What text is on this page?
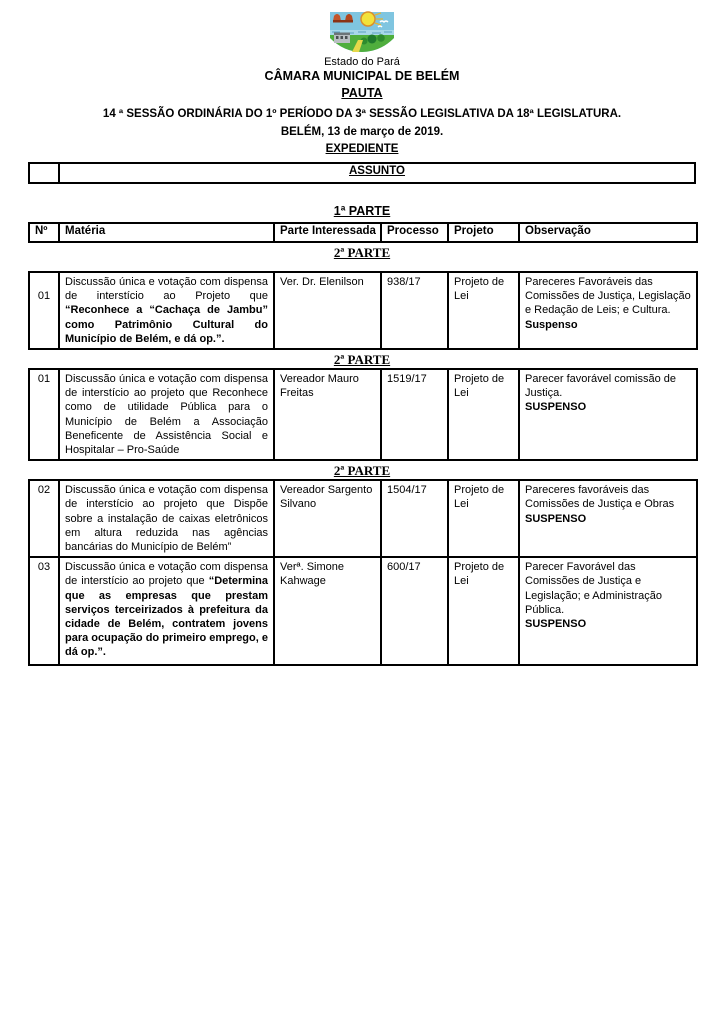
Estado do Pará
CÂMARA MUNICIPAL DE BELÉM
PAUTA
14 ª SESSÃO ORDINÁRIA DO 1º PERÍODO DA 3ª SESSÃO LEGISLATIVA DA 18ª LEGISLATURA.
BELÉM, 13 de março de 2019.
EXPEDIENTE
	ASSUNTO
1ª PARTE
Nº	Matéria	Parte Interessada	Processo	Projeto	Observação
2ª PARTE
01
	Discussão única e votação com dispensa de interstício ao Projeto que “Reconhece a “Cachaça de Jambu” como Patrimônio Cultural do Município de Belém, e dá op.”.	Ver. Dr. Elenilson	938/17	Projeto de Lei	Pareceres Favoráveis das Comissões de Justiça, Legislação e Redação de Leis; e Cultura.
Suspenso
2ª PARTE
01	Discussão única e votação com dispensa de interstício ao projeto que Reconhece como de utilidade Pública para o Município de Belém a Associação Beneficente de Assistência Social e Hospitalar – Pro-Saúde	Vereador Mauro Freitas	1519/17	Projeto de Lei	Parecer favorável comissão de Justiça.
SUSPENSO
2ª PARTE
02	Discussão única e votação com dispensa de interstício ao projeto que Dispõe sobre a instalação de caixas eletrônicos em altura reduzida nas agências bancárias do Município de Belém”	Vereador Sargento Silvano	1504/17	Projeto de Lei	Pareceres favoráveis das Comissões de Justiça e Obras
SUSPENSO

03	Discussão única e votação com dispensa de interstício ao projeto que “Determina que as empresas que prestam serviços terceirizados à prefeitura da cidade de Belém, contratem jovens para ocupação do primeiro emprego, e dá op.”.	Verª. Simone Kahwage	600/17	Projeto de Lei	Parecer Favorável das Comissões de Justiça e Legislação; e Administração Pública.
SUSPENSO
